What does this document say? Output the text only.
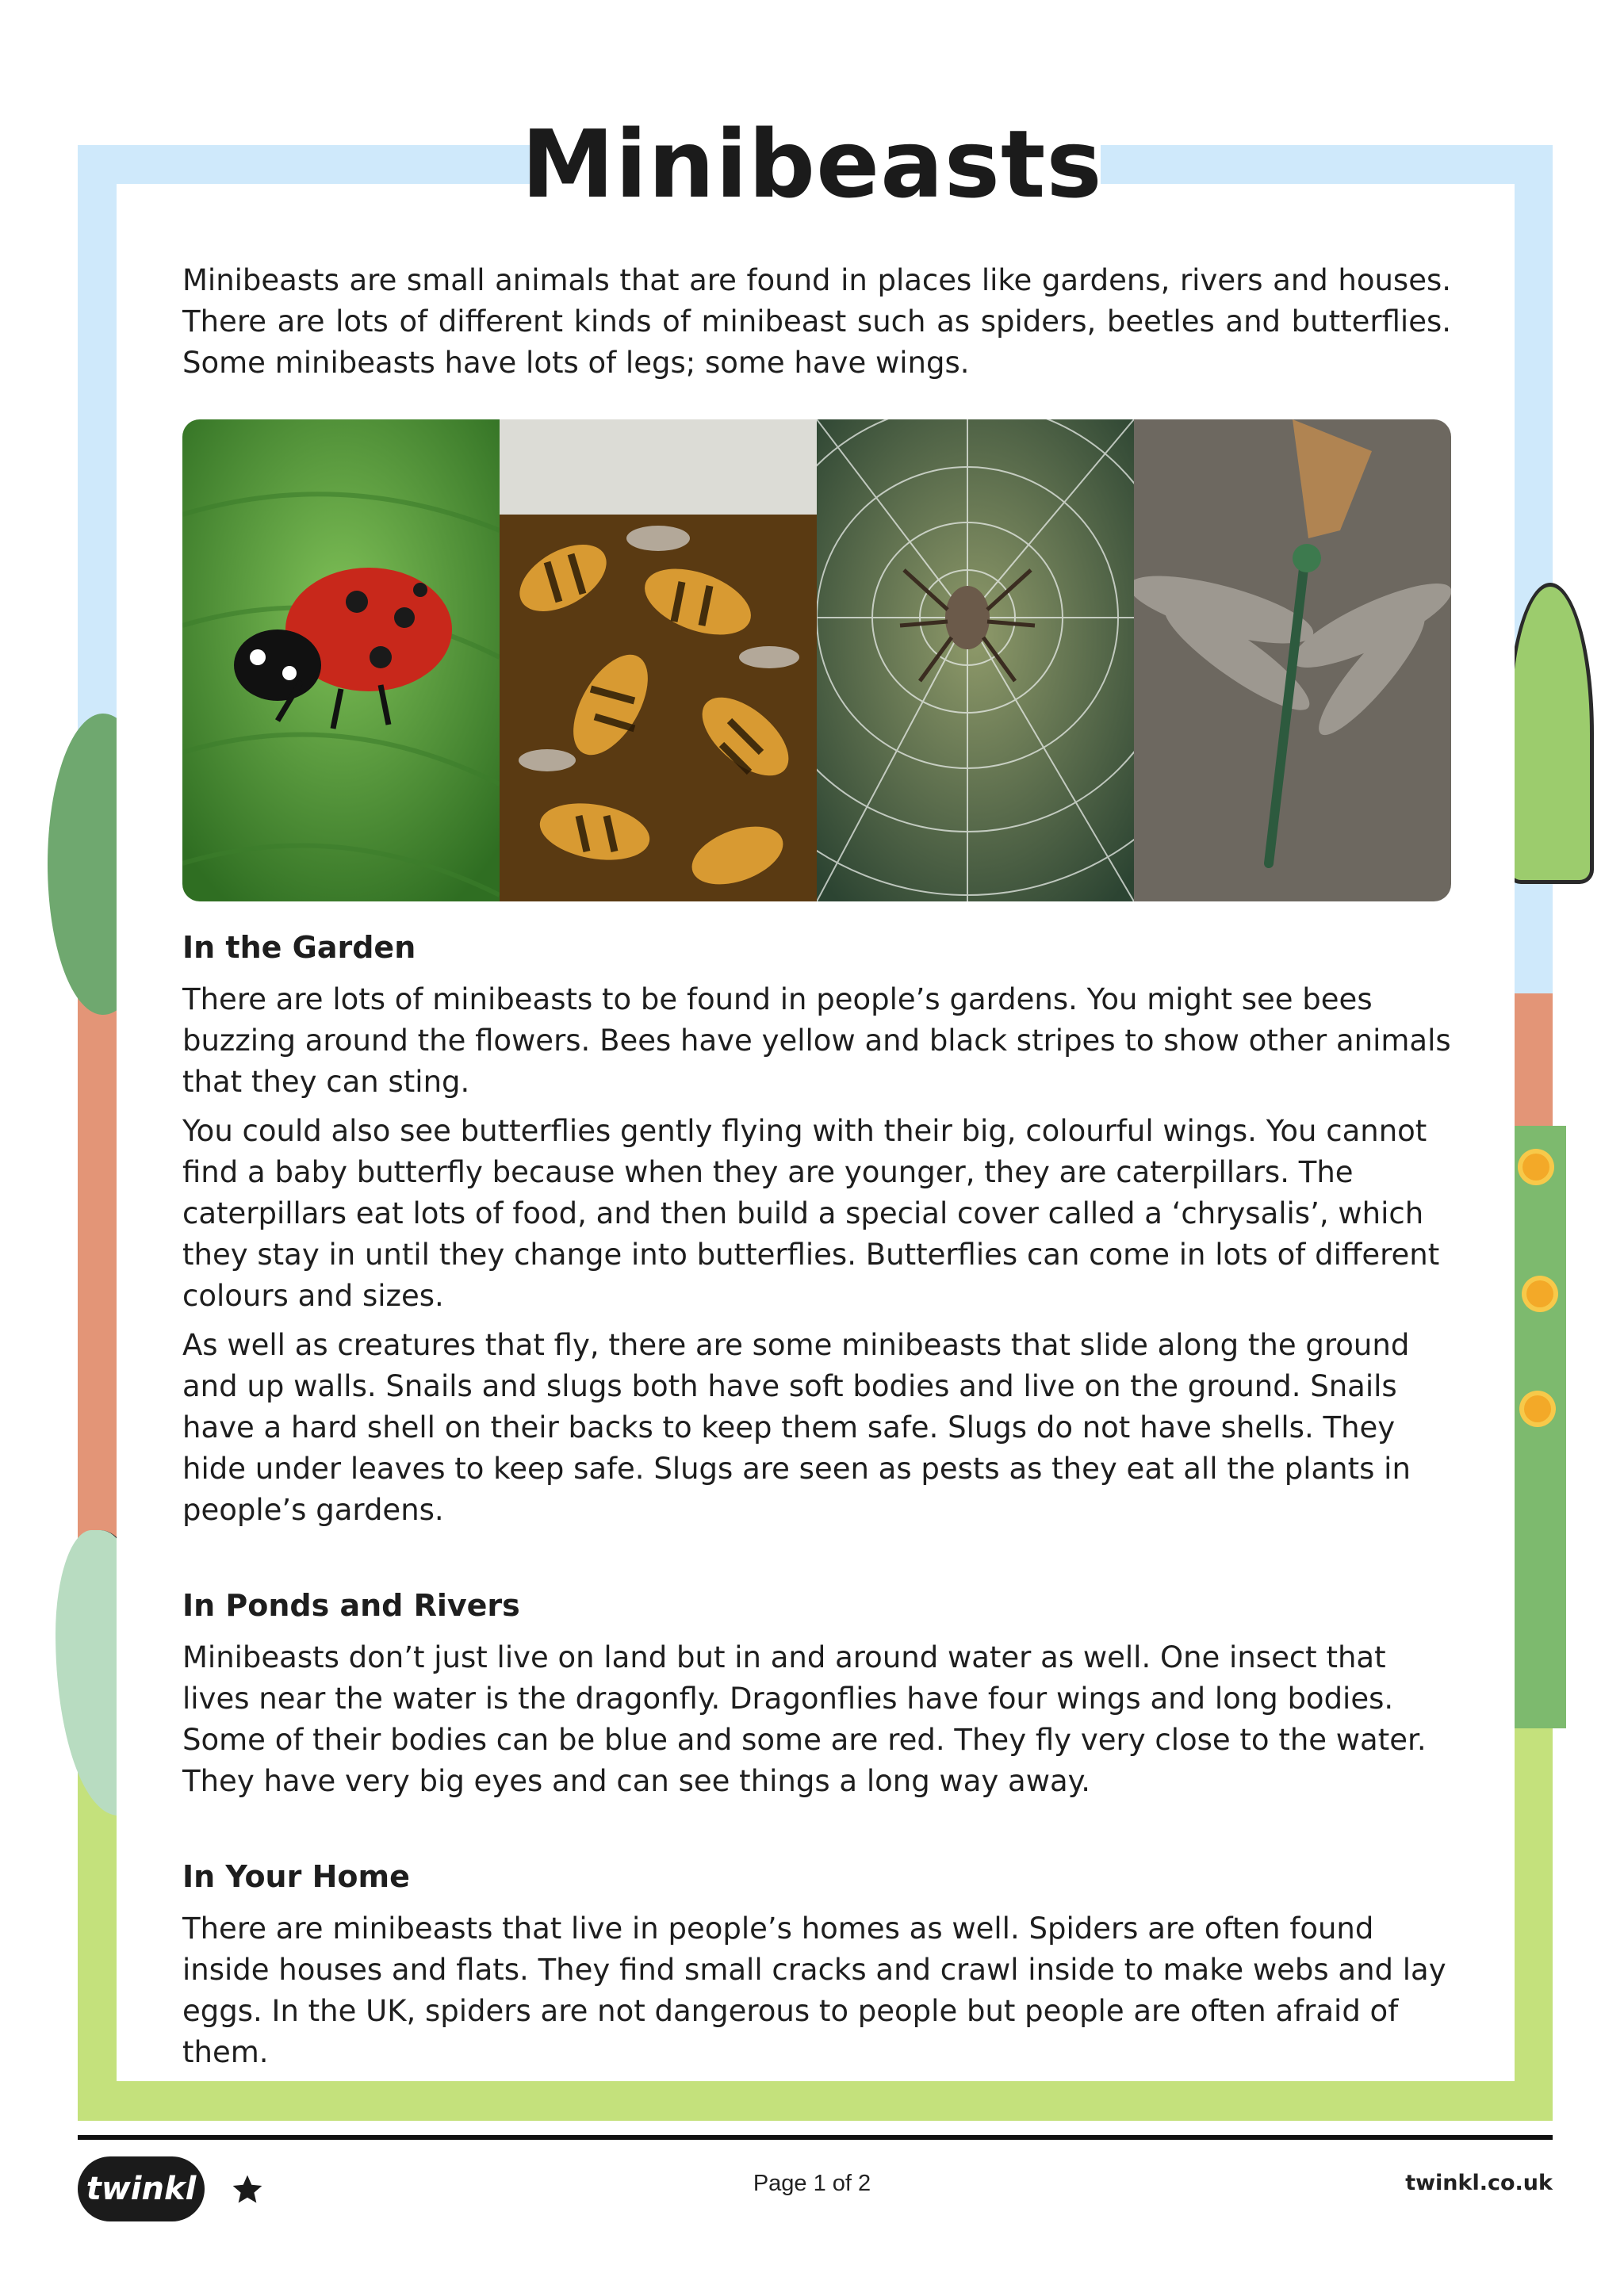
Minibeasts

Minibeasts are small animals that are found in places like gardens, rivers and houses. There are lots of different kinds of minibeast such as spiders, beetles and butterflies. Some minibeasts have lots of legs; some have wings.

In the Garden

There are lots of minibeasts to be found in people’s gardens. You might see bees buzzing around the flowers. Bees have yellow and black stripes to show other animals that they can sting.

You could also see butterflies gently flying with their big, colourful wings. You cannot find a baby butterfly because when they are younger, they are caterpillars. The caterpillars eat lots of food, and then build a special cover called a ‘chrysalis’, which they stay in until they change into butterflies. Butterflies can come in lots of different colours and sizes.

As well as creatures that fly, there are some minibeasts that slide along the ground and up walls. Snails and slugs both have soft bodies and live on the ground. Snails have a hard shell on their backs to keep them safe. Slugs do not have shells. They hide under leaves to keep safe. Slugs are seen as pests as they eat all the plants in people’s gardens.

In Ponds and Rivers

Minibeasts don’t just live on land but in and around water as well. One insect that lives near the water is the dragonfly. Dragonflies have four wings and long bodies. Some of their bodies can be blue and some are red. They fly very close to the water. They have very big eyes and can see things a long way away.

In Your Home

There are minibeasts that live in people’s homes as well. Spiders are often found inside houses and flats. They find small cracks and crawl inside to make webs and lay eggs. In the UK, spiders are not dangerous to people but people are often afraid of them.

twinkl	Page 1 of 2	twinkl.co.uk
